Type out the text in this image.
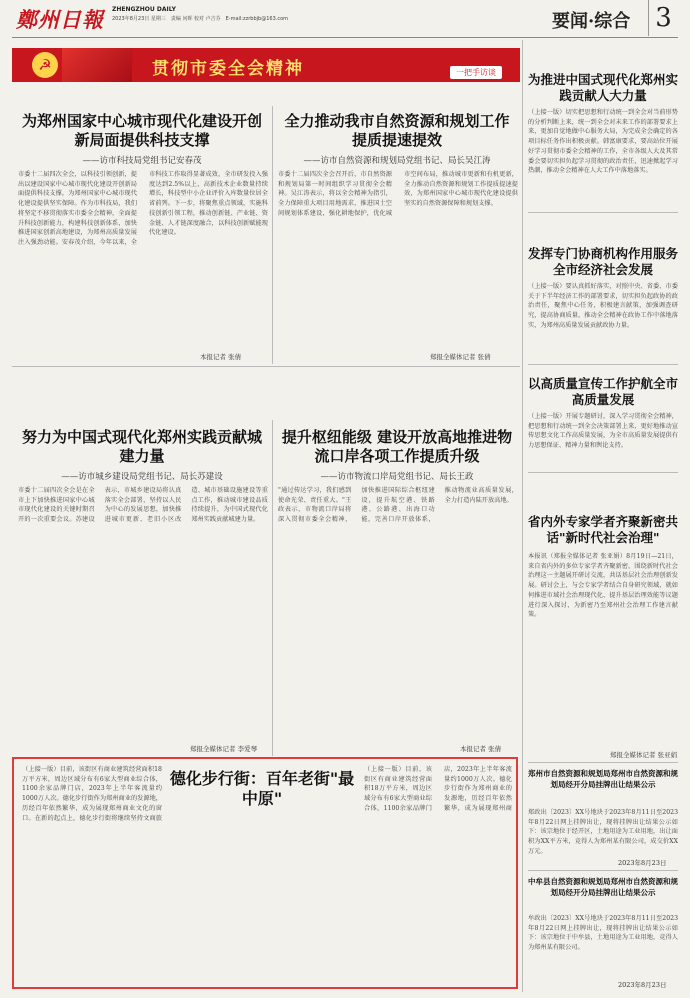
鄭州日報 ZHENGZHOU DAILY
2023年8月23日 星期三　责编 问晖 校对 卢吉芬　E-mail:zzrbbjb@163.com	要闻·综合 3
☭	贯彻市委全会精神	一把手访谈
为郑州国家中心城市现代化建设开创新局面提供科技支撑
——访市科技局党组书记安春茂
市委十二届四次全会，以科技引领创新，提出以建设国家中心城市现代化建设开创新局面提供科技支撑，为郑州国家中心城市现代化建设提供坚实保障。作为市科技局，我们将坚定不移贯彻落实市委全会精神，全面提升科技创新能力，构建科技创新体系，加快推进国家创新高地建设，为郑州高质量发展注入强劲动能。安春茂介绍，今年以来，全市科技工作取得显著成效，全市研发投入强度达到2.5%以上，高新技术企业数量持续增长，科技型中小企业评价入库数量位居全省前列。下一步，将聚焦重点领域，实施科技创新引领工程，推动创新链、产业链、资金链、人才链深度融合，以科技创新赋能现代化建设。
本报记者 张倩
全力推动我市自然资源和规划工作提质提速提效
——访市自然资源和规划局党组书记、局长吴江涛
市委十二届四次全会召开后，市自然资源和规划局第一时间组织学习贯彻全会精神。吴江涛表示，将以全会精神为指引，全力保障重大项目用地需求，推进国土空间规划体系建设，强化耕地保护，优化城市空间布局，推动城市更新和有机更新，全力推动自然资源和规划工作提质提速提效，为郑州国家中心城市现代化建设提供坚实的自然资源保障和规划支撑。
郑报全媒体记者 张倩
努力为中国式现代化郑州实践贡献城建力量
——访市城乡建设局党组书记、局长苏建设
市委十二届四次全会是在全市上下加快推进国家中心城市现代化建设的关键时期召开的一次重要会议。苏建设表示，市城乡建设局将认真落实全会部署，坚持以人民为中心的发展思想，加快推进城市更新、老旧小区改造、城市基础设施建设等重点工作，推动城市建设品质持续提升，为中国式现代化郑州实践贡献城建力量。
郑报全媒体记者 李爱琴
提升枢纽能级 建设开放高地推进物流口岸各项工作提质升级
——访市物流口岸局党组书记、局长王政
"通过传达学习，我们感到使命光荣、责任重大。"王政表示，市物流口岸局将深入贯彻市委全会精神，加快推进国际综合枢纽建设，提升航空港、铁路港、公路港、出海口功能，完善口岸开放体系，推动物流业高质量发展，全力打造内陆开放高地。
本报记者 张倩
（上接一版）目前，该街区有商业建筑经营面积18万平方米，周边区域分布有6家大型商业综合体，1100余家品牌门店，2023年上半年客流量约1000万人次。德化步行街作为郑州商业的发源地，历经百年依然繁华，成为展现郑州商业文化的窗口。在新的起点上，德化步行街将继续坚持文商旅
德化步行街：百年老街"最中原"
（上接一版）目前，该街区有商业建筑经营面积18万平方米，周边区域分布有6家大型商业综合体，1100余家品牌门店，2023年上半年客流量约1000万人次。德化步行街作为郑州商业的发源地，历经百年依然繁华，成为展现郑州商
为推进中国式现代化郑州实践贡献人大力量
（上接一版）切实把思想和行动统一到全会对当前形势的分析判断上来，统一到全会对未来工作的部署要求上来，更加自觉地做中心服务大局，为完成全会确定的各项目标任务作出积极贡献。韩富康要求，要高站位开展好学习贯彻市委全会精神的工作，全市各级人大及其常委会要切实担负起学习贯彻的政治责任，迅速掀起学习热潮，推动全会精神在人大工作中落地落实。
发挥专门协商机构作用服务全市经济社会发展
（上接一版）要认真抓好落实，对照中央、省委、市委关于下半年经济工作的部署要求，切实担负起政协的政治责任，聚焦中心任务，积极建言献策，加强调查研究，提高协商质量，推动全会精神在政协工作中落地落实，为郑州高质量发展贡献政协力量。
以高质量宣传工作护航全市高质量发展
（上接一版）开展专题研讨，深入学习贯彻全会精神，把思想和行动统一到全会决策部署上来，更好地推动宣传思想文化工作高质量发展，为全市高质量发展提供有力思想保证、精神力量和舆论支持。
省内外专家学者齐聚新密共话"新时代社会治理"
本报讯（郑报全媒体记者 张亚娟）8月19日—21日，来自省内外的多位专家学者齐聚新密，围绕新时代社会治理这一主题展开研讨交流，共话基层社会治理创新发展。研讨会上，与会专家学者结合自身研究领域，就如何推进市域社会治理现代化、提升基层治理效能等议题进行深入探讨，为新密乃至郑州社会治理工作建言献策。
郑报全媒体记者 张亚娟
郑州市自然资源和规划局郑州市自然资源和规划局经开分局挂牌出让结果公示
郑政出〔2023〕XX号地块于2023年8月11日至2023年8月22日网上挂牌出让，现将挂牌出让结果公示如下：该宗地位于经开区，土地用途为工业用地，出让面积为XX平方米，竞得人为郑州某有限公司，成交价XX万元。
2023年8月23日
中牟县自然资源和规划局郑州市自然资源和规划局经开分局挂牌出让结果公示
牟政出〔2023〕XX号地块于2023年8月11日至2023年8月22日网上挂牌出让，现将挂牌出让结果公示如下：该宗地位于中牟县，土地用途为工业用地，竞得人为郑州某有限公司。
2023年8月23日
